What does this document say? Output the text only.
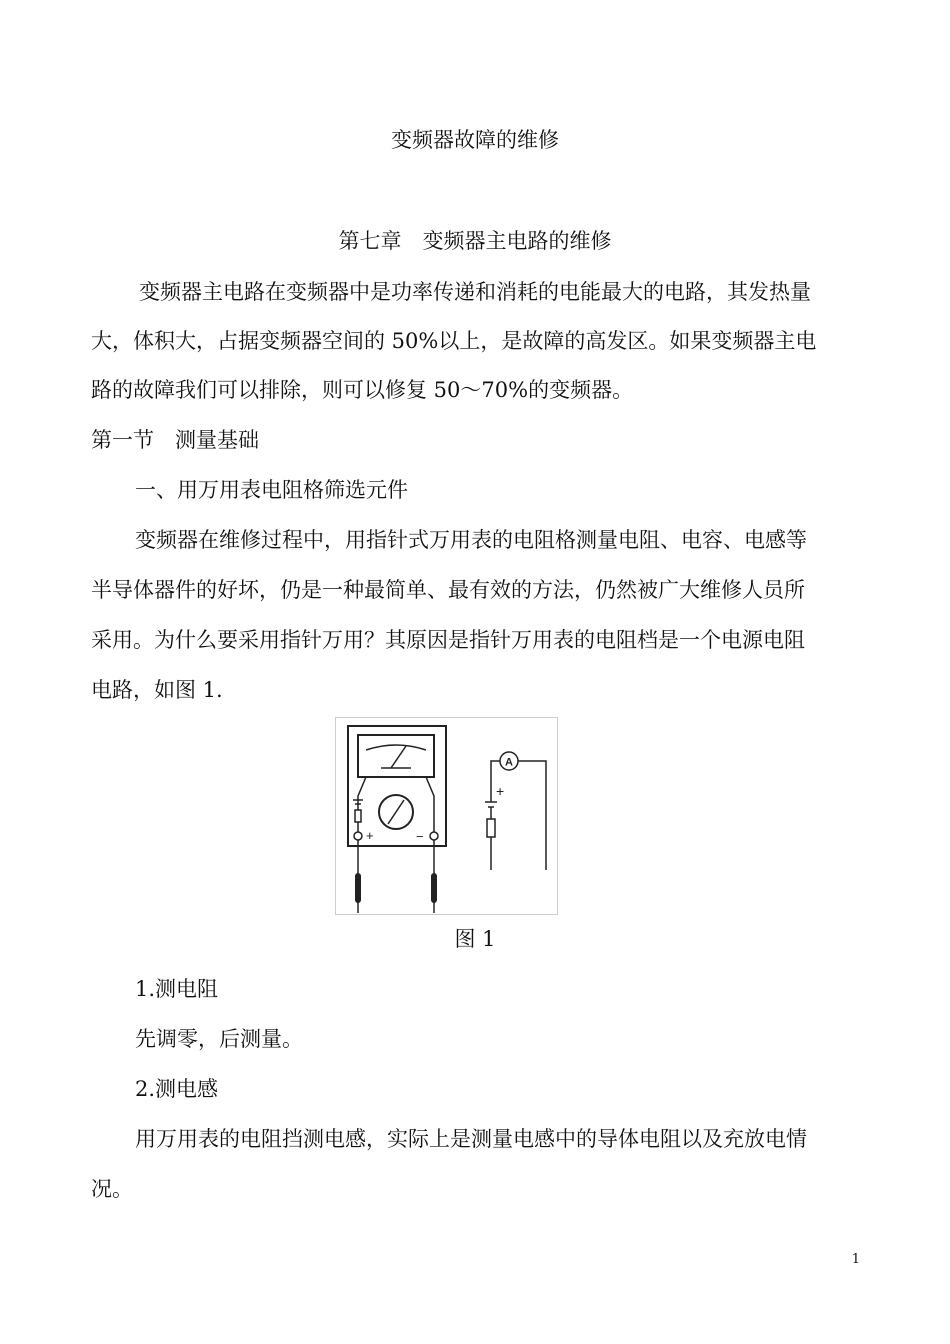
变频器故障的维修

第七章　变频器主电路的维修

变频器主电路在变频器中是功率传递和消耗的电能最大的电路，其发热量

大，体积大，占据变频器空间的 50%以上，是故障的高发区。如果变频器主电

路的故障我们可以排除，则可以修复 50～70%的变频器。

第一节　测量基础

一、用万用表电阻格筛选元件

变频器在维修过程中，用指针式万用表的电阻格测量电阻、电容、电感等

半导体器件的好坏，仍是一种最简单、最有效的方法，仍然被广大维修人员所

采用。为什么要采用指针万用？其原因是指针万用表的电阻档是一个电源电阻

电路，如图 1.

+	−
A
+

图 1

1.测电阻

先调零，后测量。

2.测电感

用万用表的电阻挡测电感，实际上是测量电感中的导体电阻以及充放电情

况。

1
